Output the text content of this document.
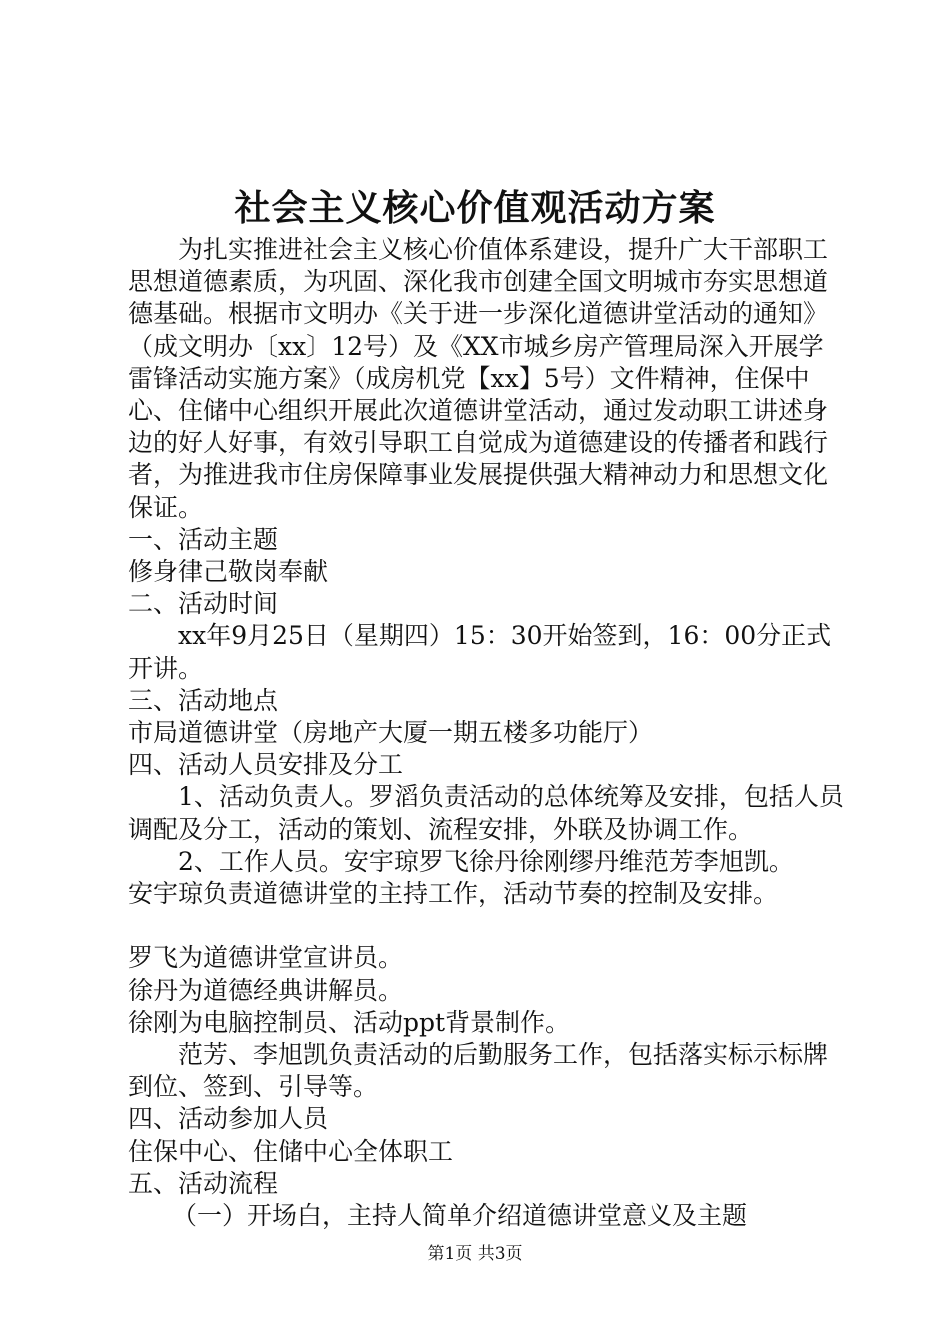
社会主义核心价值观活动方案

为扎实推进社会主义核心价值体系建设，提升广大干部职工思想道德素质，为巩固、深化我市创建全国文明城市夯实思想道德基础。根据市文明办《关于进一步深化道德讲堂活动的通知》（成文明办〔xx〕12号）及《XX市城乡房产管理局深入开展学雷锋活动实施方案》（成房机党【xx】5号）文件精神，住保中心、住储中心组织开展此次道德讲堂活动，通过发动职工讲述身边的好人好事，有效引导职工自觉成为道德建设的传播者和践行者，为推进我市住房保障事业发展提供强大精神动力和思想文化保证。

一、活动主题

修身律己敬岗奉献

二、活动时间

xx年9月25日（星期四）15：30开始签到，16：00分正式开讲。

三、活动地点

市局道德讲堂（房地产大厦一期五楼多功能厅）

四、活动人员安排及分工

1、活动负责人。罗滔负责活动的总体统筹及安排，包括人员调配及分工，活动的策划、流程安排，外联及协调工作。

2、工作人员。安宇琼罗飞徐丹徐刚缪丹维范芳李旭凯。

安宇琼负责道德讲堂的主持工作，活动节奏的控制及安排。

罗飞为道德讲堂宣讲员。

徐丹为道德经典讲解员。

徐刚为电脑控制员、活动ppt背景制作。

范芳、李旭凯负责活动的后勤服务工作，包括落实标示标牌到位、签到、引导等。

四、活动参加人员

住保中心、住储中心全体职工

五、活动流程

（一）开场白，主持人简单介绍道德讲堂意义及主题

第1页 共3页
